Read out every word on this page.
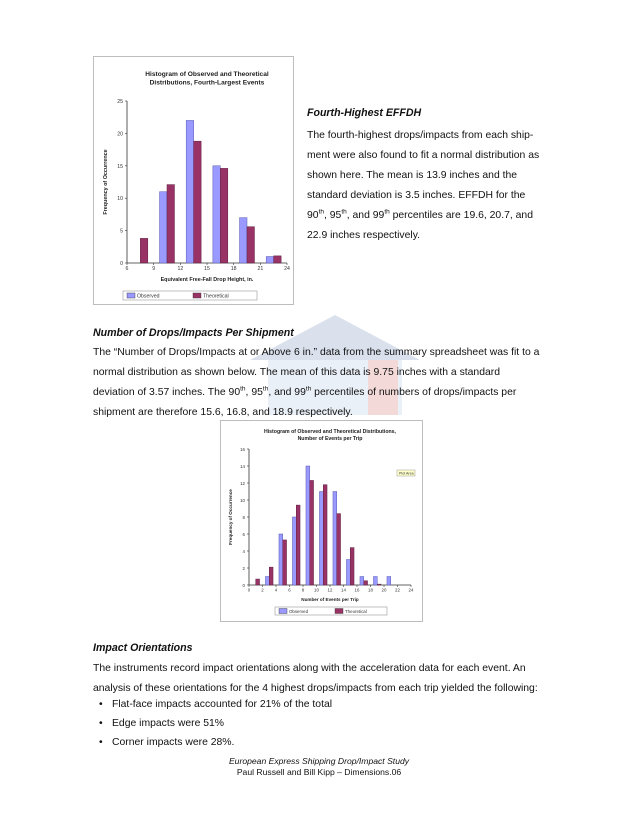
Histogram of Observed and Theoretical
Distributions, Fourth-Largest Events
0
5
10
15
20
25
6	9	12	15	18	21	24
Equivalent Free-Fall Drop Height, in.
Frequency of Occurrence
Observed	Theoretical

Fourth-Highest EFFDH

The fourth-highest drops/impacts from each ship-

ment were also found to fit a normal distribution as

shown here. The mean is 13.9 inches and the

standard deviation is 3.5 inches. EFFDH for the

90th, 95th, and 99th percentiles are 19.6, 20.7, and

22.9 inches respectively.

Number of Drops/Impacts Per Shipment

The “Number of Drops/Impacts at or Above 6 in.” data from the summary spreadsheet was fit to a

normal distribution as shown below. The mean of this data is 9.75 inches with a standard

deviation of 3.57 inches. The 90th, 95th, and 99th percentiles of numbers of drops/impacts per

shipment are therefore 15.6, 16.8, and 18.9 respectively.

Histogram of Observed and Theoretical Distributions,
Number of Events per Trip
0
2
4
6
8
10
12
14
16
0	2	4	6	8 10 12 14 16 18 20 22 24
Number of Events per Trip
Frequency of Occurrence
Observed	Theoretical
Plot Area

Impact Orientations

The instruments record impact orientations along with the acceleration data for each event. An

analysis of these orientations for the 4 highest drops/impacts from each trip yielded the following:

• Flat-face impacts accounted for 21% of the total
• Edge impacts were 51%
• Corner impacts were 28%.
European Express Shipping Drop/Impact Study
Paul Russell and Bill Kipp – Dimensions.06
